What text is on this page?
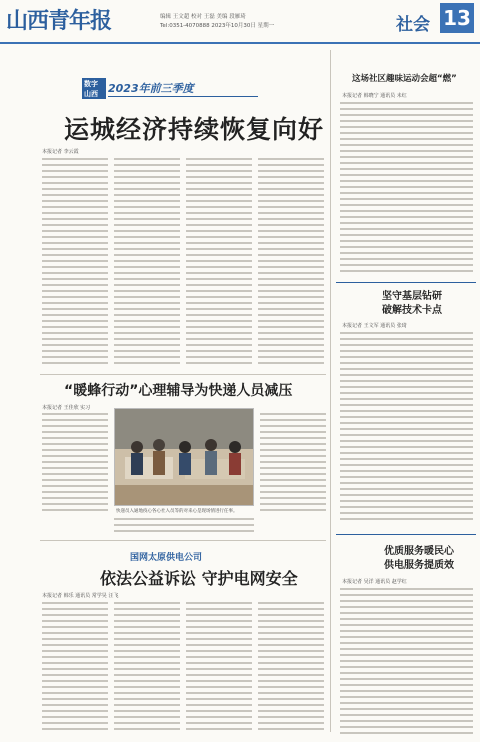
山西青年报	编辑 王文超 校对 王磊 美编 段雁琦
Tel:0351-4070888 2023年10月30日 星期一	社会 13
数字
山西 2023年前三季度
运城经济持续恢复向好
本报记者 李云霞
这场社区趣味运动会超“燃”
本报记者 韩晓宁 通讯员 未红
坚守基层钻研
破解技术卡点
本报记者 王文军 通讯员 张琦
优质服务暖民心
供电服务提质效
本报记者 吴洋 通讯员 赵学红
“暖蜂行动”心理辅导为快递人员减压
本报记者 王佳欣 实习
快递员入通地疫心各心社入员等的对来心是现场情进行任事。
国网太原供电公司
依法公益诉讼 守护电网安全
本报记者 韩乐 通讯员 常学昊 汪飞
